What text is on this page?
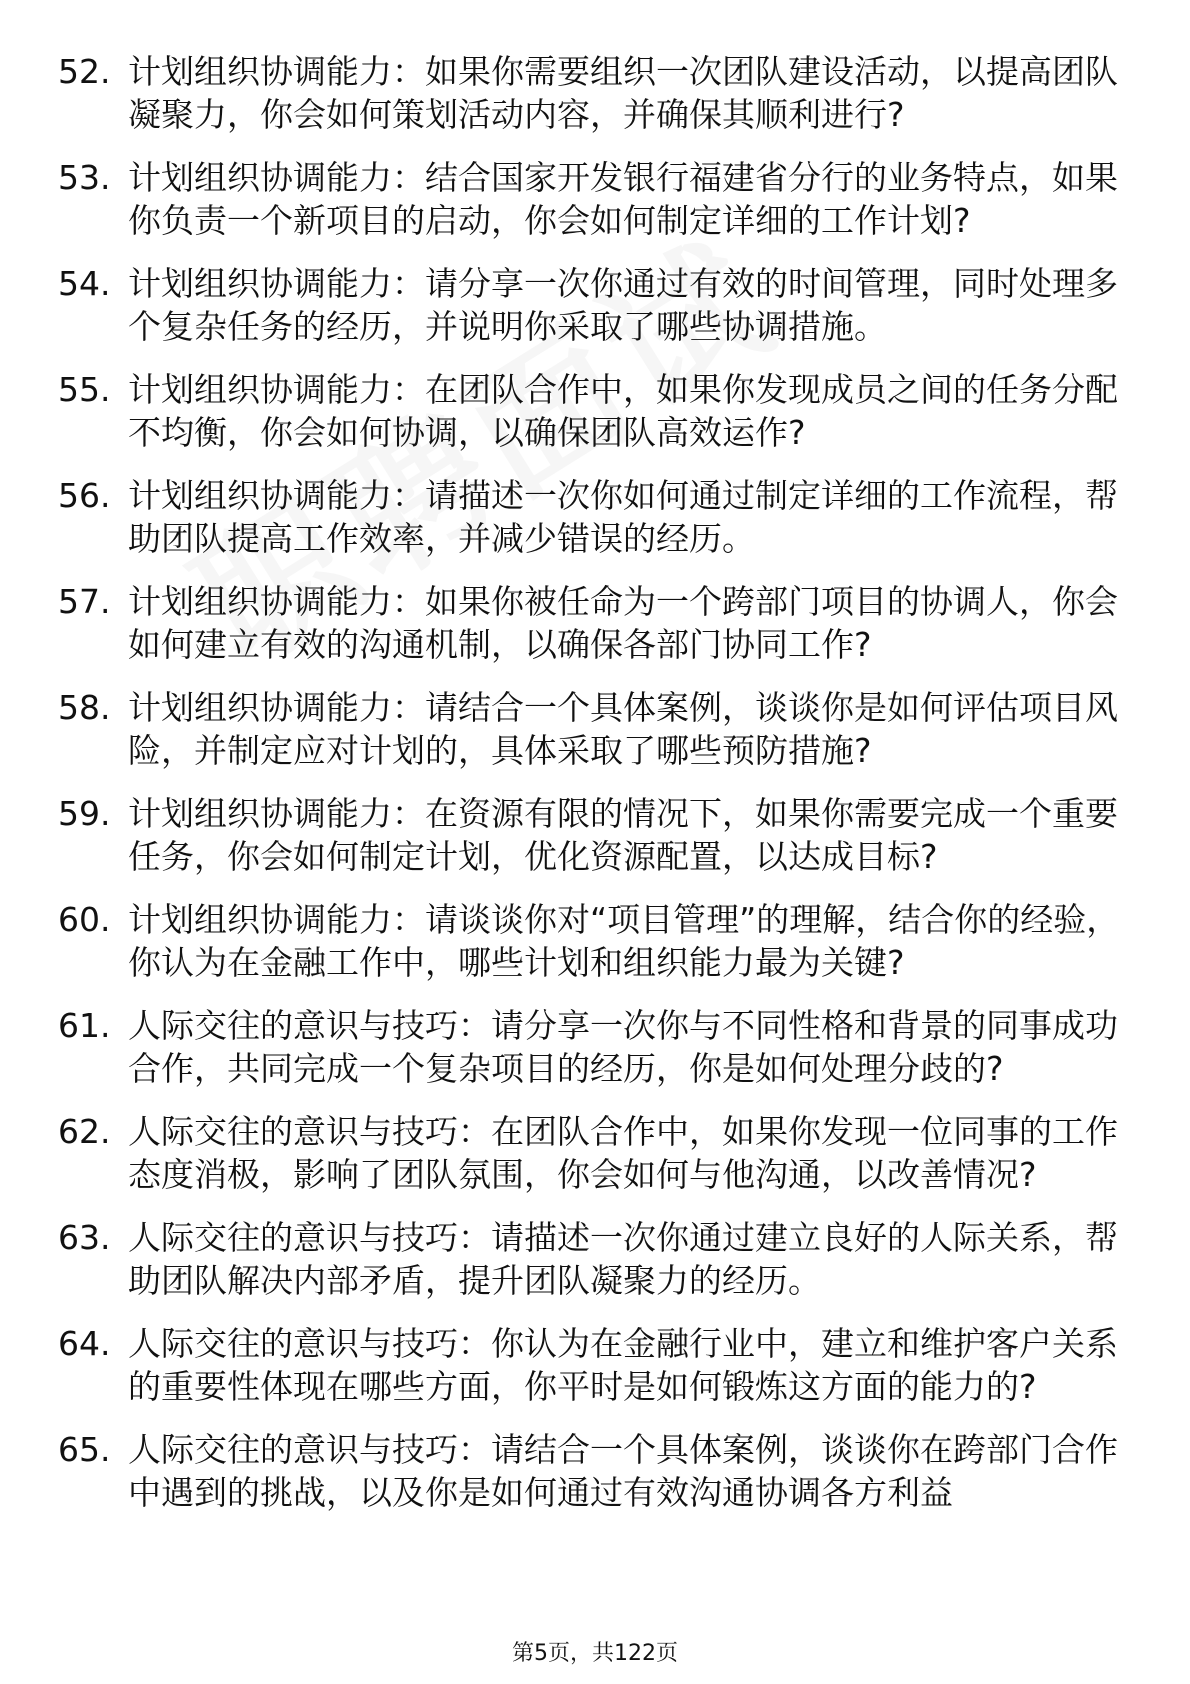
52. 计划组织协调能力：如果你需要组织一次团队建设活动，以提高团队凝聚力，你会如何策划活动内容，并确保其顺利进行?
53. 计划组织协调能力：结合国家开发银行福建省分行的业务特点，如果你负责一个新项目的启动，你会如何制定详细的工作计划?
54. 计划组织协调能力：请分享一次你通过有效的时间管理，同时处理多个复杂任务的经历，并说明你采取了哪些协调措施。
55. 计划组织协调能力：在团队合作中，如果你发现成员之间的任务分配不均衡，你会如何协调，以确保团队高效运作?
56. 计划组织协调能力：请描述一次你如何通过制定详细的工作流程，帮助团队提高工作效率，并减少错误的经历。
57. 计划组织协调能力：如果你被任命为一个跨部门项目的协调人，你会如何建立有效的沟通机制，以确保各部门协同工作?
58. 计划组织协调能力：请结合一个具体案例，谈谈你是如何评估项目风险，并制定应对计划的，具体采取了哪些预防措施?
59. 计划组织协调能力：在资源有限的情况下，如果你需要完成一个重要任务，你会如何制定计划，优化资源配置，以达成目标?
60. 计划组织协调能力：请谈谈你对“项目管理”的理解，结合你的经验，你认为在金融工作中，哪些计划和组织能力最为关键?
61. 人际交往的意识与技巧：请分享一次你与不同性格和背景的同事成功合作，共同完成一个复杂项目的经历，你是如何处理分歧的?
62. 人际交往的意识与技巧：在团队合作中，如果你发现一位同事的工作态度消极，影响了团队氛围，你会如何与他沟通，以改善情况?
63. 人际交往的意识与技巧：请描述一次你通过建立良好的人际关系，帮助团队解决内部矛盾，提升团队凝聚力的经历。
64. 人际交往的意识与技巧：你认为在金融行业中，建立和维护客户关系的重要性体现在哪些方面，你平时是如何锻炼这方面的能力的?
65. 人际交往的意识与技巧：请结合一个具体案例，谈谈你在跨部门合作中遇到的挑战，以及你是如何通过有效沟通协调各方利益
第5页，共122页
